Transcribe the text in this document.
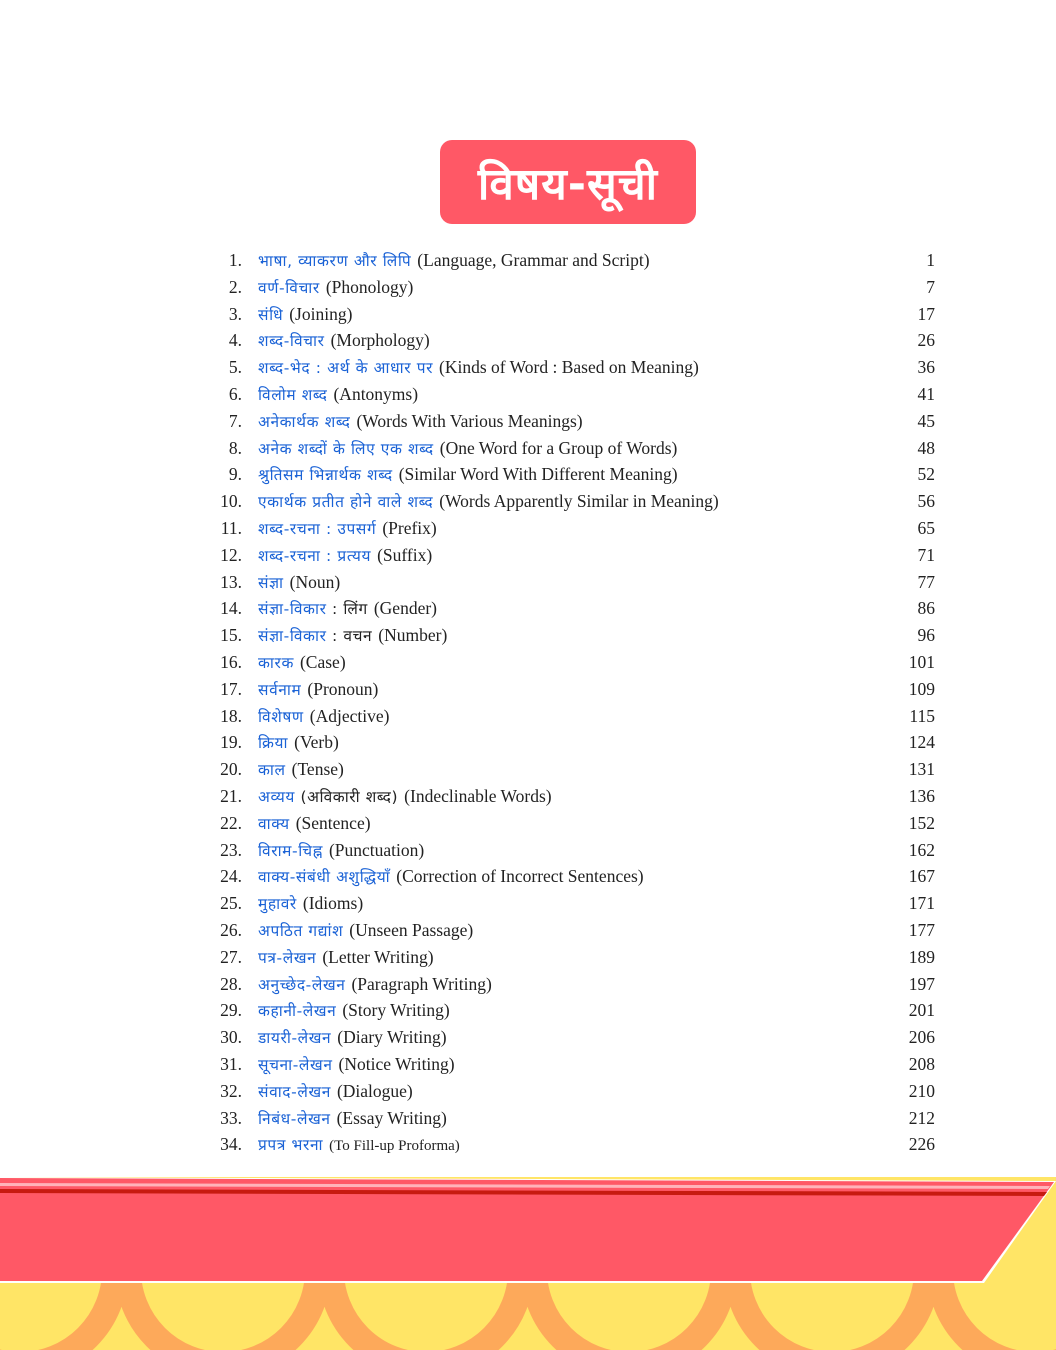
विषय-सूची
1. भाषा, व्याकरण और लिपि (Language, Grammar and Script)	1
2. वर्ण-विचार (Phonology)	7
3. संधि (Joining)	17
4. शब्द-विचार (Morphology)	26
5. शब्द-भेद : अर्थ के आधार पर (Kinds of Word : Based on Meaning)	36
6. विलोम शब्द (Antonyms)	41
7. अनेकार्थक शब्द (Words With Various Meanings)	45
8. अनेक शब्दों के लिए एक शब्द (One Word for a Group of Words)	48
9. श्रुतिसम भिन्नार्थक शब्द (Similar Word With Different Meaning)	52
10. एकार्थक प्रतीत होने वाले शब्द (Words Apparently Similar in Meaning)	56
11. शब्द-रचना : उपसर्ग (Prefix)	65
12. शब्द-रचना : प्रत्यय (Suffix)	71
13. संज्ञा (Noun)	77
14. संज्ञा-विकार : लिंग (Gender)	86
15. संज्ञा-विकार : वचन (Number)	96
16. कारक (Case)	101
17. सर्वनाम (Pronoun)	109
18. विशेषण (Adjective)	115
19. क्रिया (Verb)	124
20. काल (Tense)	131
21. अव्यय (अविकारी शब्द) (Indeclinable Words)	136
22. वाक्य (Sentence)	152
23. विराम-चिह्न (Punctuation)	162
24. वाक्य-संबंधी अशुद्धियाँ (Correction of Incorrect Sentences)	167
25. मुहावरे (Idioms)	171
26. अपठित गद्यांश (Unseen Passage)	177
27. पत्र-लेखन (Letter Writing)	189
28. अनुच्छेद-लेखन (Paragraph Writing)	197
29. कहानी-लेखन (Story Writing)	201
30. डायरी-लेखन (Diary Writing)	206
31. सूचना-लेखन (Notice Writing)	208
32. संवाद-लेखन (Dialogue)	210
33. निबंध-लेखन (Essay Writing)	212
34. प्रपत्र भरना (To Fill-up Proforma)	226
